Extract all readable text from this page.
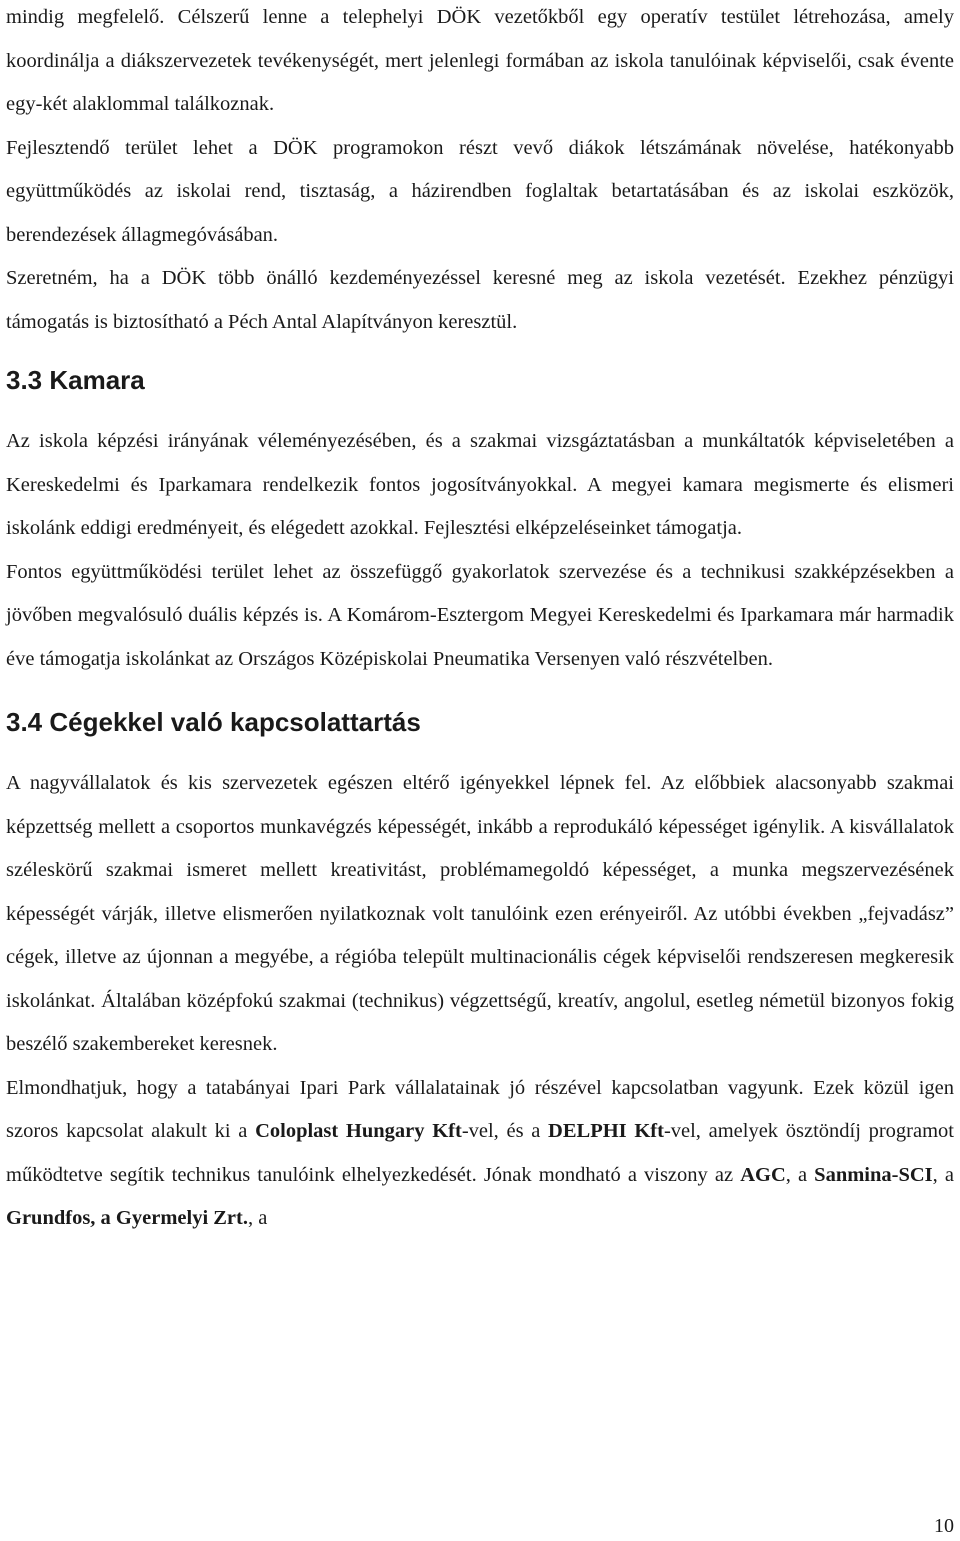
mindig megfelelő. Célszerű lenne a telephelyi DÖK vezetőkből egy operatív testület létrehozása, amely koordinálja a diákszervezetek tevékenységét, mert jelenlegi formában az iskola tanulóinak képviselői, csak évente egy-két alaklommal találkoznak.

Fejlesztendő terület lehet a DÖK programokon részt vevő diákok létszámának növelése, hatékonyabb együttműködés az iskolai rend, tisztaság, a házirendben foglaltak betartatásában és az iskolai eszközök, berendezések állagmegóvásában.

Szeretném, ha a DÖK több önálló kezdeményezéssel keresné meg az iskola vezetését. Ezekhez pénzügyi támogatás is biztosítható a Péch Antal Alapítványon keresztül.

3.3 Kamara

Az iskola képzési irányának véleményezésében, és a szakmai vizsgáztatásban a munkáltatók képviseletében a Kereskedelmi és Iparkamara rendelkezik fontos jogosítványokkal. A megyei kamara megismerte és elismeri iskolánk eddigi eredményeit, és elégedett azokkal. Fejlesztési elképzeléseinket támogatja.

Fontos együttműködési terület lehet az összefüggő gyakorlatok szervezése és a technikusi szakképzésekben a jövőben megvalósuló duális képzés is. A Komárom-Esztergom Megyei Kereskedelmi és Iparkamara már harmadik éve támogatja iskolánkat az Országos Középiskolai Pneumatika Versenyen való részvételben.

3.4 Cégekkel való kapcsolattartás

A nagyvállalatok és kis szervezetek egészen eltérő igényekkel lépnek fel. Az előbbiek alacsonyabb szakmai képzettség mellett a csoportos munkavégzés képességét, inkább a reprodukáló képességet igénylik. A kisvállalatok széleskörű szakmai ismeret mellett kreativitást, problémamegoldó képességet, a munka megszervezésének képességét várják, illetve elismerően nyilatkoznak volt tanulóink ezen erényeiről. Az utóbbi években „fejvadász” cégek, illetve az újonnan a megyébe, a régióba települt multinacionális cégek képviselői rendszeresen megkeresik iskolánkat. Általában középfokú szakmai (technikus) végzettségű, kreatív, angolul, esetleg németül bizonyos fokig beszélő szakembereket keresnek.

Elmondhatjuk, hogy a tatabányai Ipari Park vállalatainak jó részével kapcsolatban vagyunk. Ezek közül igen szoros kapcsolat alakult ki a Coloplast Hungary Kft-vel, és a DELPHI Kft-vel, amelyek ösztöndíj programot működtetve segítik technikus tanulóink elhelyezkedését. Jónak mondható a viszony az AGC, a Sanmina-SCI, a Grundfos, a Gyermelyi Zrt., a

10
